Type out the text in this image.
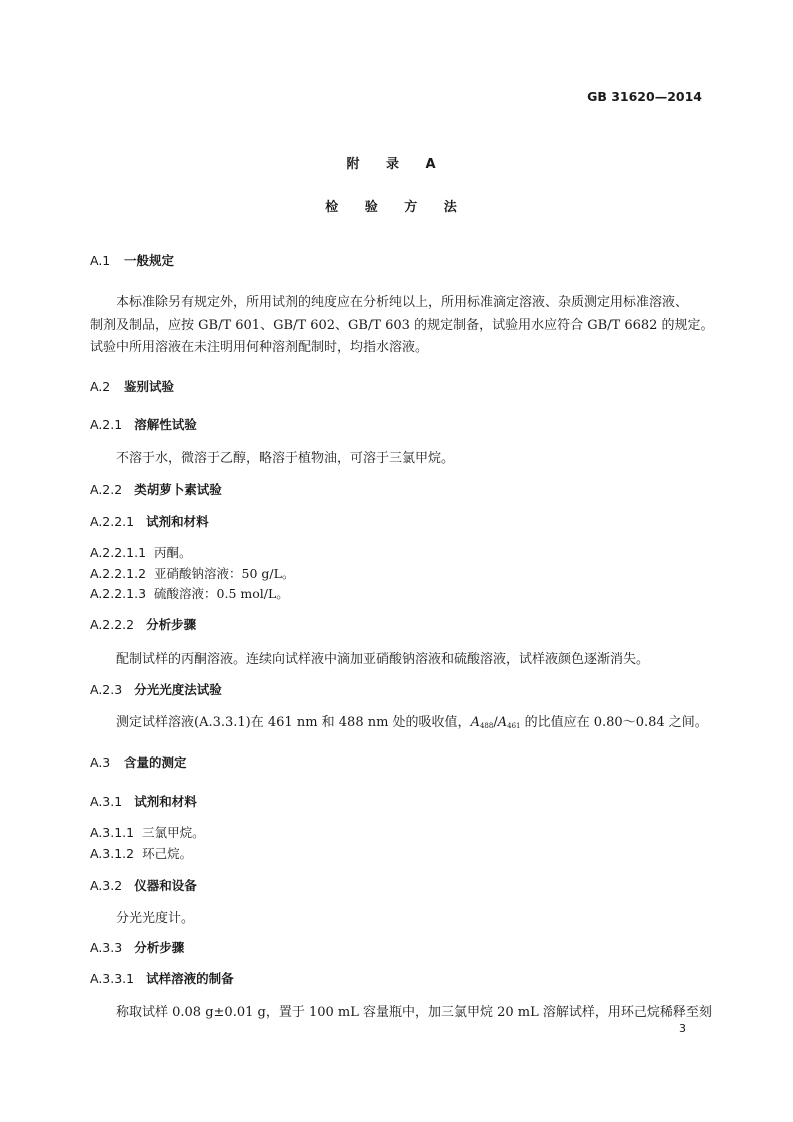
GB 31620—2014
附 录 A
检 验 方 法
A.1 一般规定
本标准除另有规定外，所用试剂的纯度应在分析纯以上，所用标准滴定溶液、杂质测定用标准溶液、
制剂及制品，应按 GB/T 601、GB/T 602、GB/T 603 的规定制备，试验用水应符合 GB/T 6682 的规定。
试验中所用溶液在未注明用何种溶剂配制时，均指水溶液。
A.2 鉴别试验
A.2.1 溶解性试验
不溶于水，微溶于乙醇，略溶于植物油，可溶于三氯甲烷。
A.2.2 类胡萝卜素试验
A.2.2.1 试剂和材料
A.2.2.1.1 丙酮。
A.2.2.1.2 亚硝酸钠溶液：50 g/L。
A.2.2.1.3 硫酸溶液：0.5 mol/L。
A.2.2.2 分析步骤
配制试样的丙酮溶液。连续向试样液中滴加亚硝酸钠溶液和硫酸溶液，试样液颜色逐渐消失。
A.2.3 分光光度法试验
测定试样溶液(A.3.3.1)在 461 nm 和 488 nm 处的吸收值，A488/A461 的比值应在 0.80～0.84 之间。
A.3 含量的测定
A.3.1 试剂和材料
A.3.1.1 三氯甲烷。
A.3.1.2 环己烷。
A.3.2 仪器和设备
分光光度计。
A.3.3 分析步骤
A.3.3.1 试样溶液的制备
称取试样 0.08 g±0.01 g，置于 100 mL 容量瓶中，加三氯甲烷 20 mL 溶解试样，用环己烷稀释至刻
3
